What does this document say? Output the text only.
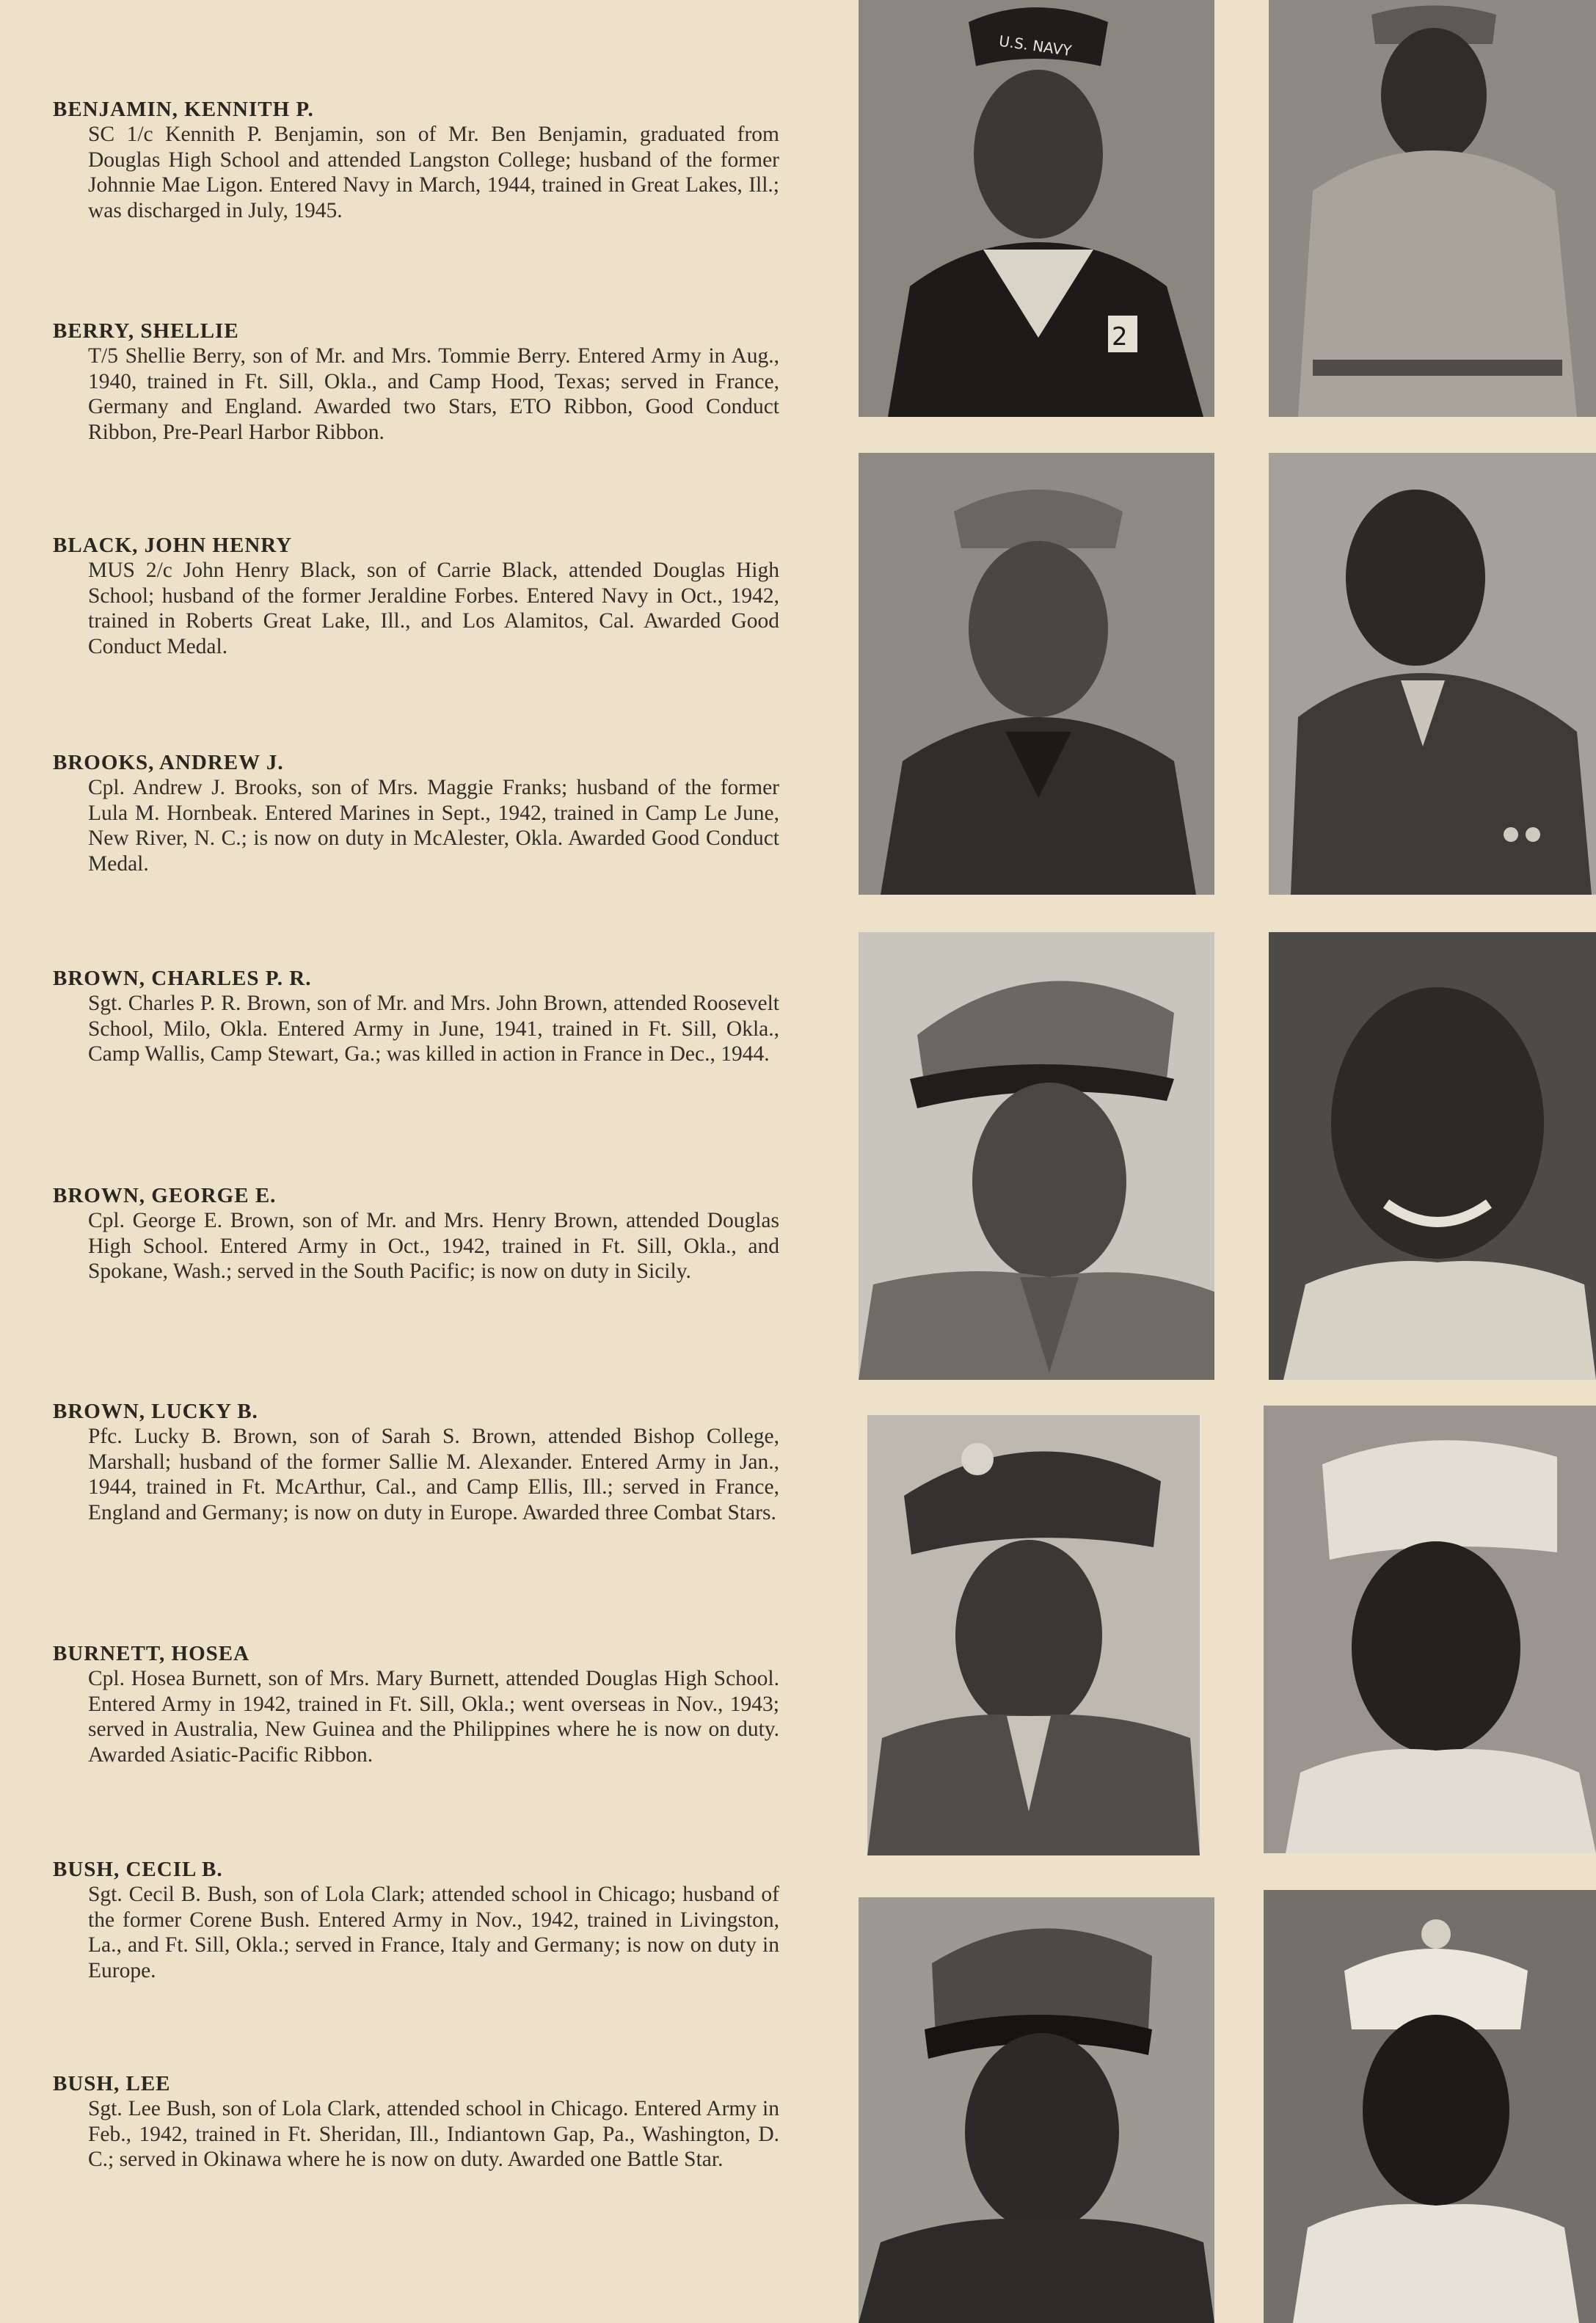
BENJAMIN, KENNITH P.

SC 1/c Kennith P. Benjamin, son of Mr. Ben Benjamin, graduated from Douglas High School and attended Langston College; husband of the former Johnnie Mae Ligon. Entered Navy in March, 1944, trained in Great Lakes, Ill.; was discharged in July, 1945.

BERRY, SHELLIE

T/5 Shellie Berry, son of Mr. and Mrs. Tommie Berry. Entered Army in Aug., 1940, trained in Ft. Sill, Okla., and Camp Hood, Texas; served in France, Germany and England. Awarded two Stars, ETO Ribbon, Good Conduct Ribbon, Pre-Pearl Harbor Ribbon.

BLACK, JOHN HENRY

MUS 2/c John Henry Black, son of Carrie Black, attended Douglas High School; husband of the former Jeraldine Forbes. Entered Navy in Oct., 1942, trained in Roberts Great Lake, Ill., and Los Alamitos, Cal. Awarded Good Conduct Medal.

BROOKS, ANDREW J.

Cpl. Andrew J. Brooks, son of Mrs. Maggie Franks; husband of the former Lula M. Hornbeak. Entered Marines in Sept., 1942, trained in Camp Le June, New River, N. C.; is now on duty in McAlester, Okla. Awarded Good Conduct Medal.

BROWN, CHARLES P. R.

Sgt. Charles P. R. Brown, son of Mr. and Mrs. John Brown, attended Roosevelt School, Milo, Okla. Entered Army in June, 1941, trained in Ft. Sill, Okla., Camp Wallis, Camp Stewart, Ga.; was killed in action in France in Dec., 1944.

BROWN, GEORGE E.

Cpl. George E. Brown, son of Mr. and Mrs. Henry Brown, attended Douglas High School. Entered Army in Oct., 1942, trained in Ft. Sill, Okla., and Spokane, Wash.; served in the South Pacific; is now on duty in Sicily.

BROWN, LUCKY B.

Pfc. Lucky B. Brown, son of Sarah S. Brown, attended Bishop College, Marshall; husband of the former Sallie M. Alexander. Entered Army in Jan., 1944, trained in Ft. McArthur, Cal., and Camp Ellis, Ill.; served in France, England and Germany; is now on duty in Europe. Awarded three Combat Stars.

BURNETT, HOSEA

Cpl. Hosea Burnett, son of Mrs. Mary Burnett, attended Douglas High School. Entered Army in 1942, trained in Ft. Sill, Okla.; went overseas in Nov., 1943; served in Australia, New Guinea and the Philippines where he is now on duty. Awarded Asiatic-Pacific Ribbon.

BUSH, CECIL B.

Sgt. Cecil B. Bush, son of Lola Clark; attended school in Chicago; husband of the former Corene Bush. Entered Army in Nov., 1942, trained in Livingston, La., and Ft. Sill, Okla.; served in France, Italy and Germany; is now on duty in Europe.

BUSH, LEE

Sgt. Lee Bush, son of Lola Clark, attended school in Chicago. Entered Army in Feb., 1942, trained in Ft. Sheridan, Ill., Indiantown Gap, Pa., Washington, D. C.; served in Okinawa where he is now on duty. Awarded one Battle Star.

2
U.S. NAVY
